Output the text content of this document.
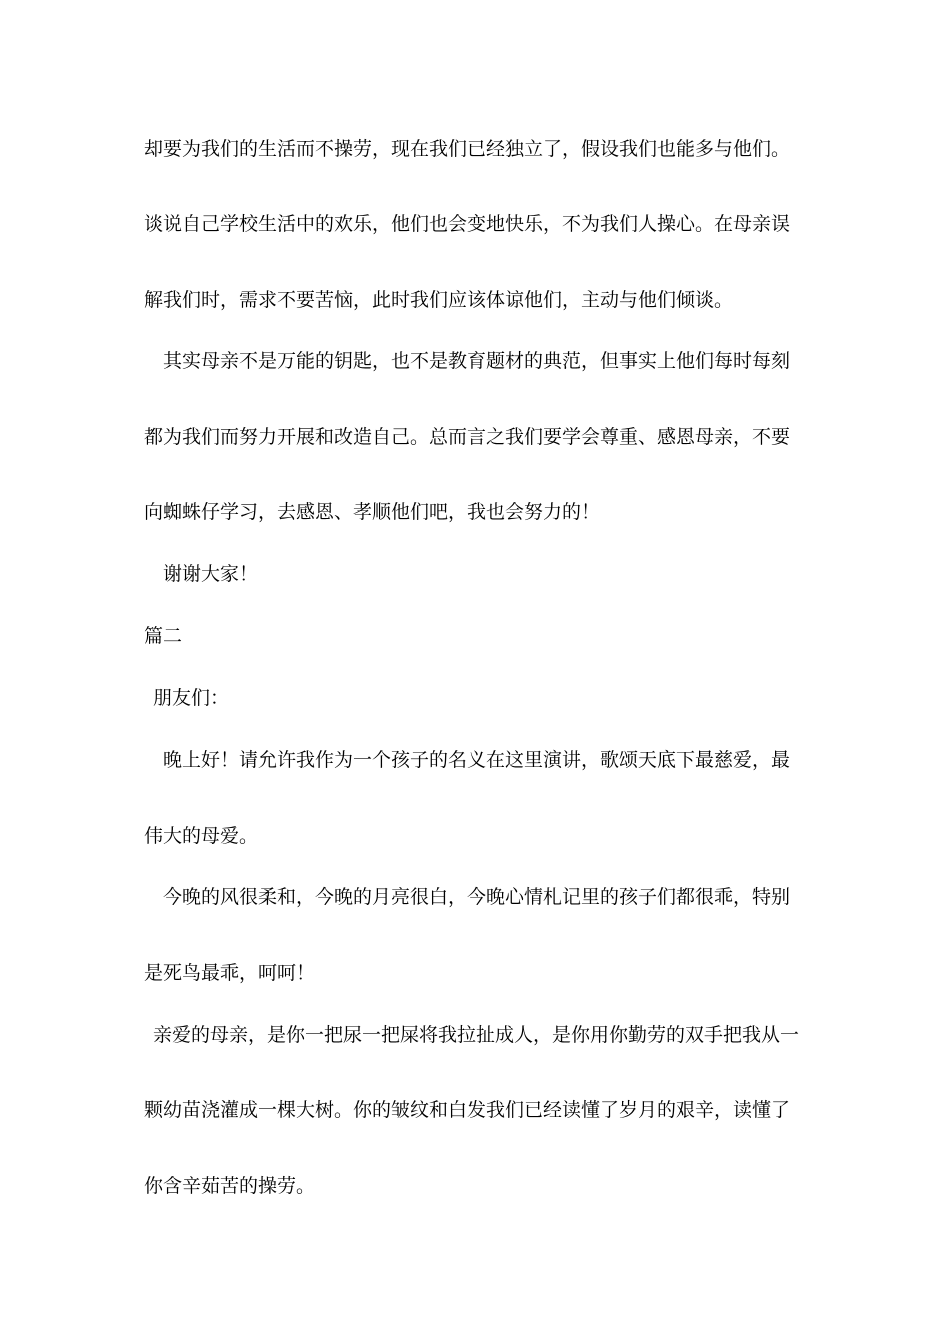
却要为我们的生活而不操劳，现在我们已经独立了，假设我们也能多与他们。
谈说自己学校生活中的欢乐，他们也会变地快乐，不为我们人操心。在母亲误
解我们时，需求不要苦恼，此时我们应该体谅他们，主动与他们倾谈。
其实母亲不是万能的钥匙，也不是教育题材的典范，但事实上他们每时每刻
都为我们而努力开展和改造自己。总而言之我们要学会尊重、感恩母亲，不要
向蜘蛛仔学习，去感恩、孝顺他们吧，我也会努力的！
谢谢大家！
篇二
朋友们：
晚上好！请允许我作为一个孩子的名义在这里演讲，歌颂天底下最慈爱，最
伟大的母爱。
今晚的风很柔和，今晚的月亮很白，今晚心情札记里的孩子们都很乖，特别
是死鸟最乖，呵呵！
亲爱的母亲，是你一把尿一把屎将我拉扯成人，是你用你勤劳的双手把我从一
颗幼苗浇灌成一棵大树。你的皱纹和白发我们已经读懂了岁月的艰辛，读懂了
你含辛茹苦的操劳。
